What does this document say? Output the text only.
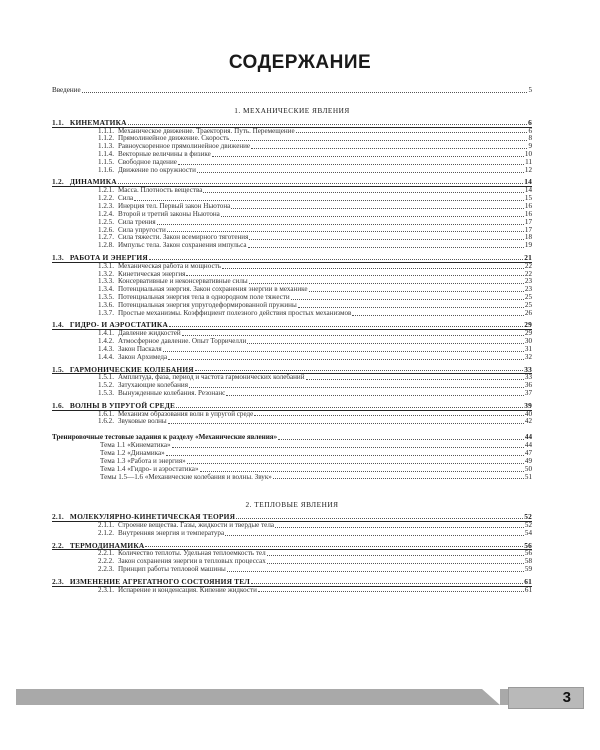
СОДЕРЖАНИЕ
Введение	5
1. МЕХАНИЧЕСКИЕ ЯВЛЕНИЯ
1.1. КИНЕМАТИКА	6
1.1.1. Механическое движение. Траектория. Путь. Перемещение	6
1.1.2. Прямолинейное движение. Скорость	8
1.1.3. Равноускоренное прямолинейное движение	9
1.1.4. Векторные величины в физике	10
1.1.5. Свободное падение	11
1.1.6. Движение по окружности	12
1.2. ДИНАМИКА	14
1.2.1. Масса. Плотность вещества	14
1.2.2. Сила	15
1.2.3. Инерция тел. Первый закон Ньютона	16
1.2.4. Второй и третий законы Ньютона	16
1.2.5. Сила трения	17
1.2.6. Сила упругости	17
1.2.7. Сила тяжести. Закон всемирного тяготения	18
1.2.8. Импульс тела. Закон сохранения импульса	19
1.3. РАБОТА И ЭНЕРГИЯ	21
1.3.1. Механическая работа и мощность	22
1.3.2. Кинетическая энергия	22
1.3.3. Консервативные и неконсервативные силы	23
1.3.4. Потенциальная энергия. Закон сохранения энергии в механике	23
1.3.5. Потенциальная энергия тела в однородном поле тяжести	25
1.3.6. Потенциальная энергия упругодеформированной пружины	25
1.3.7. Простые механизмы. Коэффициент полезного действия простых механизмов	26
1.4. ГИДРО- И АЭРОСТАТИКА	29
1.4.1. Давление жидкостей	29
1.4.2. Атмосферное давление. Опыт Торричелли	30
1.4.3. Закон Паскаля	31
1.4.4. Закон Архимеда	32
1.5. ГАРМОНИЧЕСКИЕ КОЛЕБАНИЯ	33
1.5.1. Амплитуда, фаза, период и частота гармонических колебаний	33
1.5.2. Затухающие колебания	36
1.5.3. Вынужденные колебания. Резонанс	37
1.6. ВОЛНЫ В УПРУГОЙ СРЕДЕ	39
1.6.1. Механизм образования волн в упругой среде	40
1.6.2. Звуковые волны	42
Тренировочные тестовые задания к разделу «Механические явления»	44
Тема 1.1 «Кинематика»	44
Тема 1.2 «Динамика»	47
Тема 1.3 «Работа и энергия»	49
Тема 1.4 «Гидро- и аэростатика»	50
Темы 1.5—1.6 «Механические колебания и волны. Звук»	51
2. ТЕПЛОВЫЕ ЯВЛЕНИЯ
2.1. МОЛЕКУЛЯРНО-КИНЕТИЧЕСКАЯ ТЕОРИЯ	52
2.1.1. Строение вещества. Газы, жидкости и твердые тела	52
2.1.2. Внутренняя энергия и температура	54
2.2. ТЕРМОДИНАМИКА	56
2.2.1. Количество теплоты. Удельная теплоемкость тел	56
2.2.2. Закон сохранения энергии в тепловых процессах	58
2.2.3. Принцип работы тепловой машины	59
2.3. ИЗМЕНЕНИЕ АГРЕГАТНОГО СОСТОЯНИЯ ТЕЛ	61
2.3.1. Испарение и конденсация. Кипение жидкости	61
3
